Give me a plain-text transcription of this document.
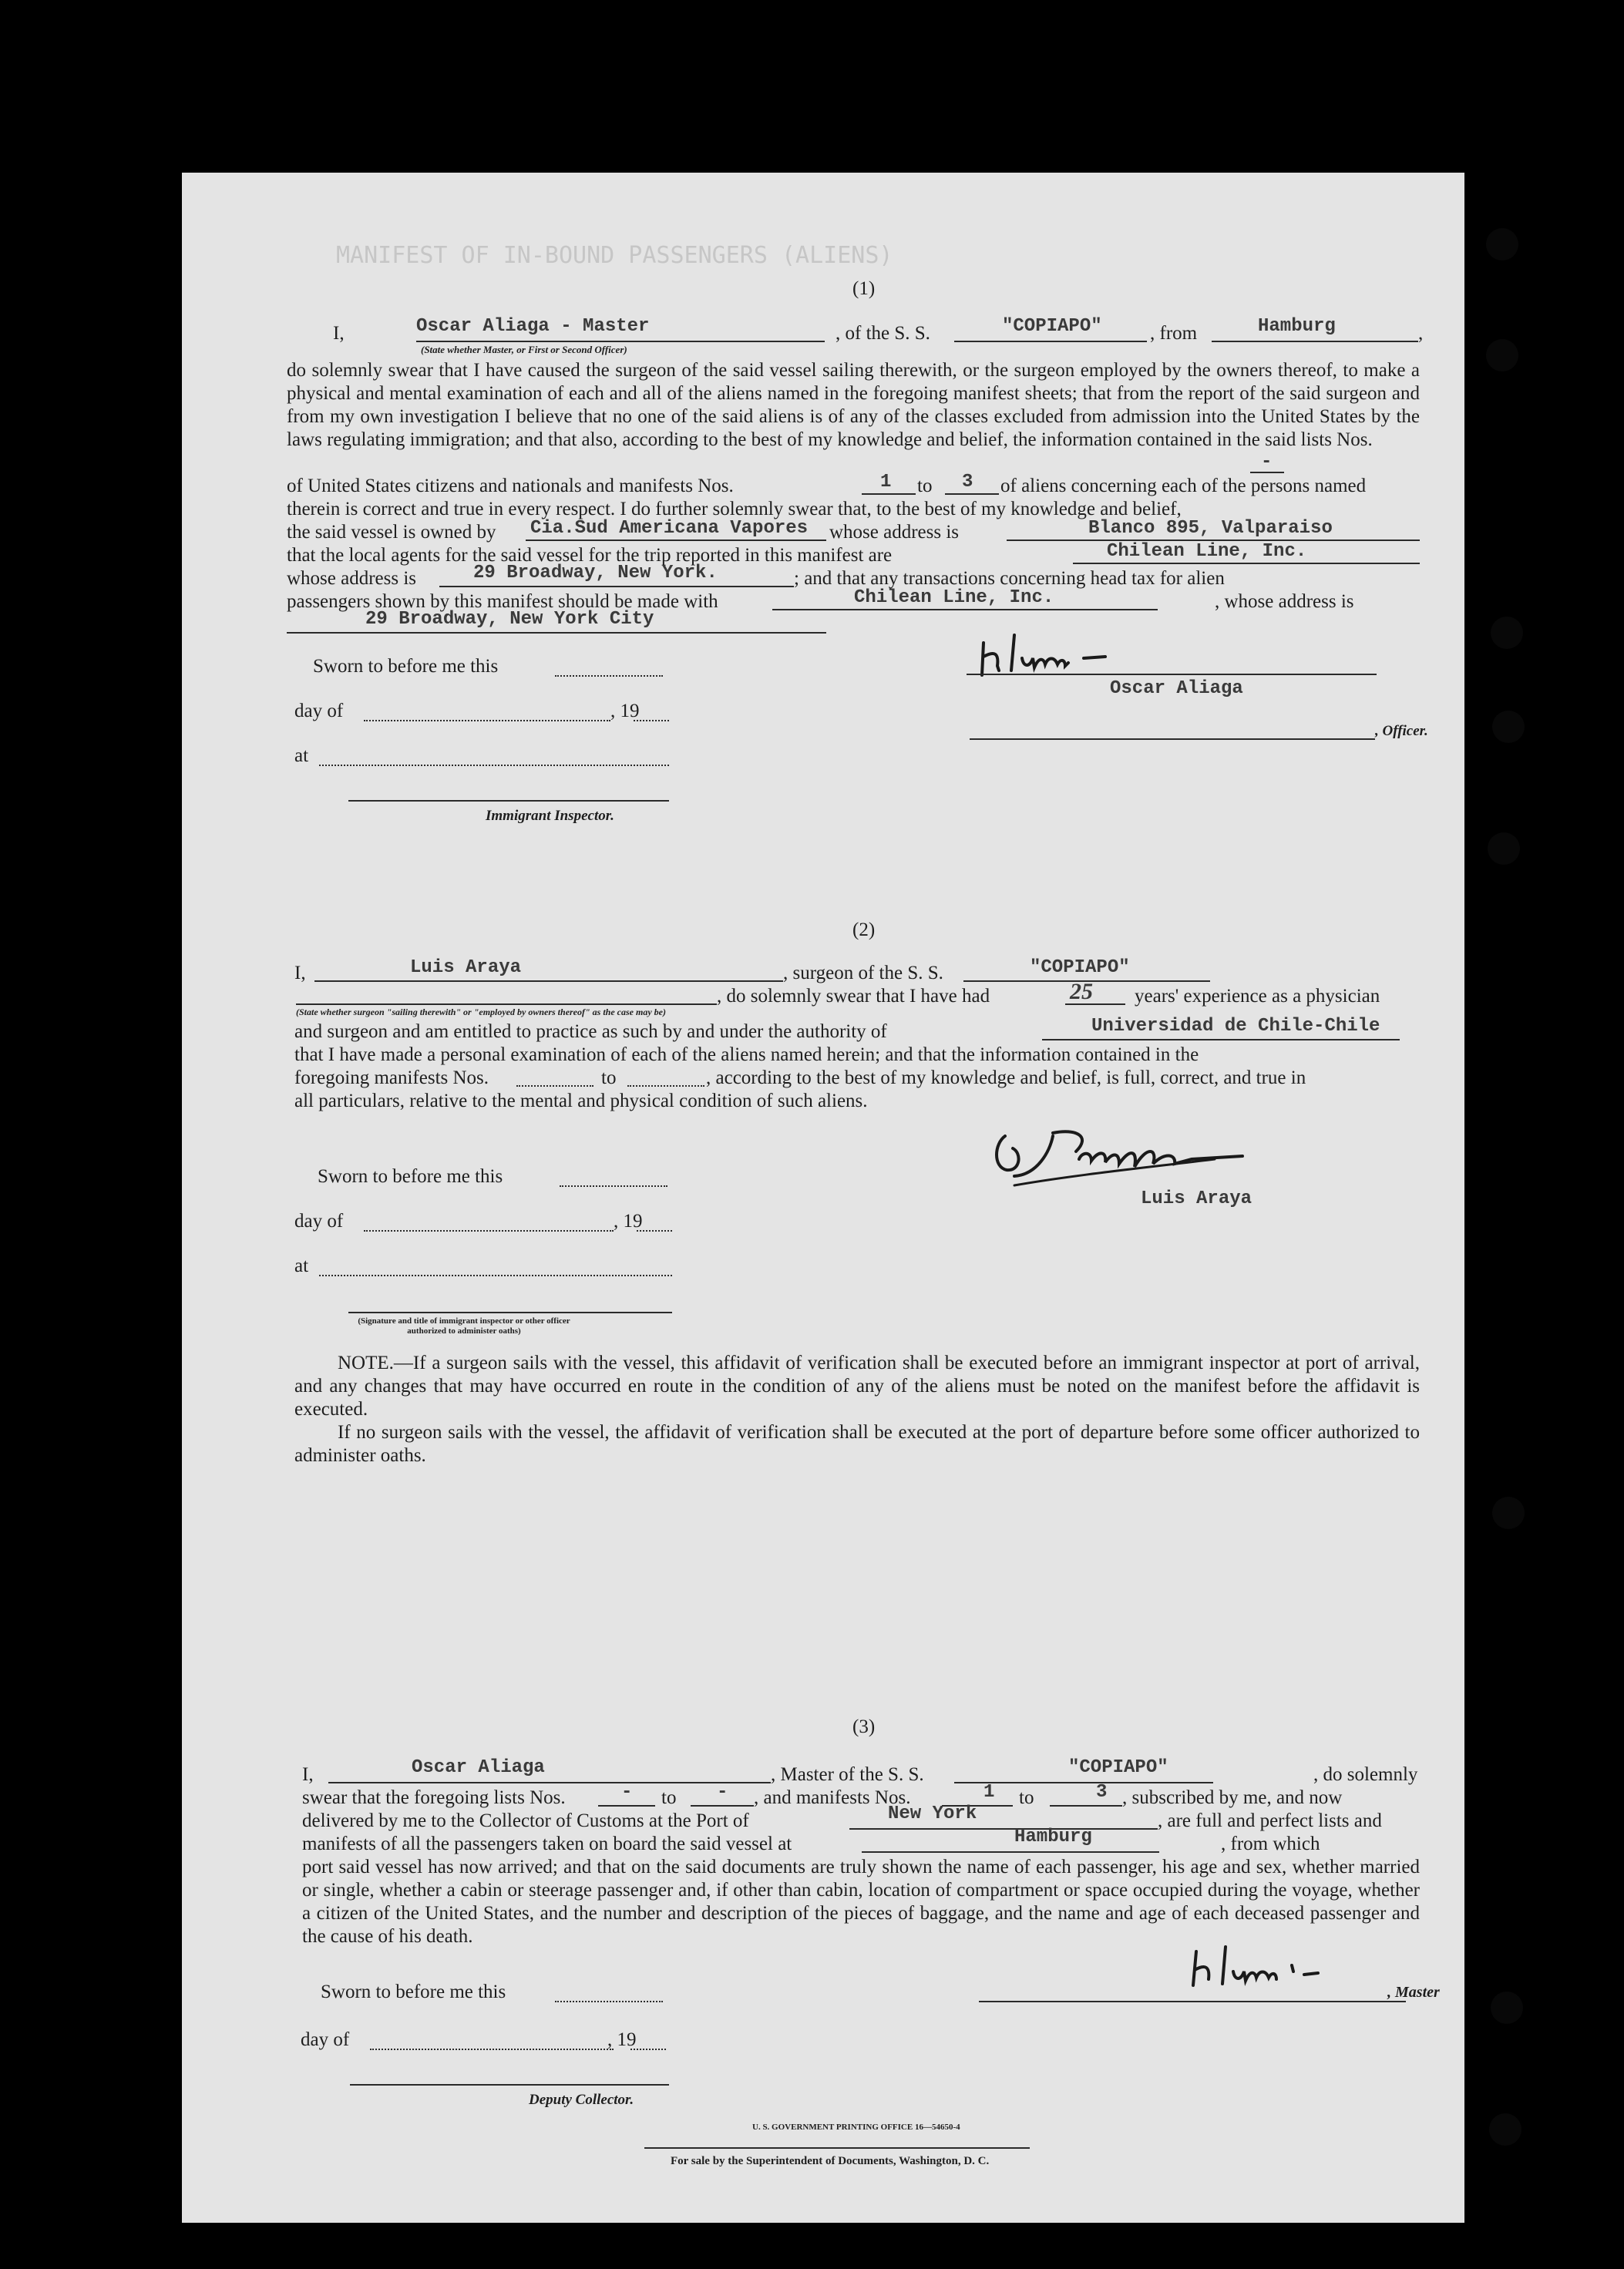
MANIFEST OF IN-BOUND PASSENGERS (ALIENS)
(1)
I,	Oscar Aliaga - Master
(State whether Master, or First or Second Officer)
, of the S. S.	"COPIAPO" , from	Hamburg	,
do solemnly swear that I have caused the surgeon of the said vessel sailing therewith, or the surgeon employed by the owners thereof, to make a physical and mental examination of each and all of the aliens named in the foregoing manifest sheets; that from the report of the said surgeon and from my own investigation I believe that no one of the said aliens is of any of the classes excluded from admission into the United States by the laws regulating immigration; and that also, according to the best of my knowledge and belief, the information contained in the said lists Nos.
-
of United States citizens and nationals and manifests Nos.	1 to 3 of aliens concerning each of the persons named
therein is correct and true in every respect. I do further solemnly swear that, to the best of my knowledge and belief,
the said vessel is owned by Cia.Sud Americana Vapores whose address is	Blanco 895, Valparaiso
that the local agents for the said vessel for the trip reported in this manifest are	Chilean Line, Inc.
whose address is	29 Broadway, New York.	; and that any transactions concerning head tax for alien
passengers shown by this manifest should be made with	Chilean Line, Inc.	, whose address is
29 Broadway, New York City
Sworn to before me this
Oscar Aliaga
day of	, 19
, Officer.
at
Immigrant Inspector.
(2)
I,	Luis Araya	, surgeon of the S. S.	"COPIAPO"
(State whether surgeon "sailing therewith" or "employed by owners thereof" as the case may be)
, do solemnly swear that I have had	25 years' experience as a physician
and surgeon and am entitled to practice as such by and under the authority of	Universidad de Chile-Chile
that I have made a personal examination of each of the aliens named herein; and that the information contained in the
foregoing manifests Nos.	to	, according to the best of my knowledge and belief, is full, correct, and true in
all particulars, relative to the mental and physical condition of such aliens.
Luis Araya
Sworn to before me this
day of	, 19
at
(Signature and title of immigrant inspector or other officer authorized to administer oaths)

NOTE.—If a surgeon sails with the vessel, this affidavit of verification shall be executed before an immigrant inspector at port of arrival, and any changes that may have occurred en route in the condition of any of the aliens must be noted on the manifest before the affidavit is executed.

If no surgeon sails with the vessel, the affidavit of verification shall be executed at the port of departure before some officer authorized to administer oaths.

(3)
I,	Oscar Aliaga	, Master of the S. S.	"COPIAPO"	, do solemnly
swear that the foregoing lists Nos.	- to - , and manifests Nos.	1 to	3 , subscribed by me, and now
delivered by me to the Collector of Customs at the Port of	New York	, are full and perfect lists and
manifests of all the passengers taken on board the said vessel at	Hamburg	, from which
port said vessel has now arrived; and that on the said documents are truly shown the name of each passenger, his age and sex, whether married or single, whether a cabin or steerage passenger and, if other than cabin, location of compartment or space occupied during the voyage, whether a citizen of the United States, and the number and description of the pieces of baggage, and the name and age of each deceased passenger and the cause of his death.
Sworn to before me this	, Master
day of	, 19
Deputy Collector.
U. S. GOVERNMENT PRINTING OFFICE 16—54650-4
For sale by the Superintendent of Documents, Washington, D. C.
